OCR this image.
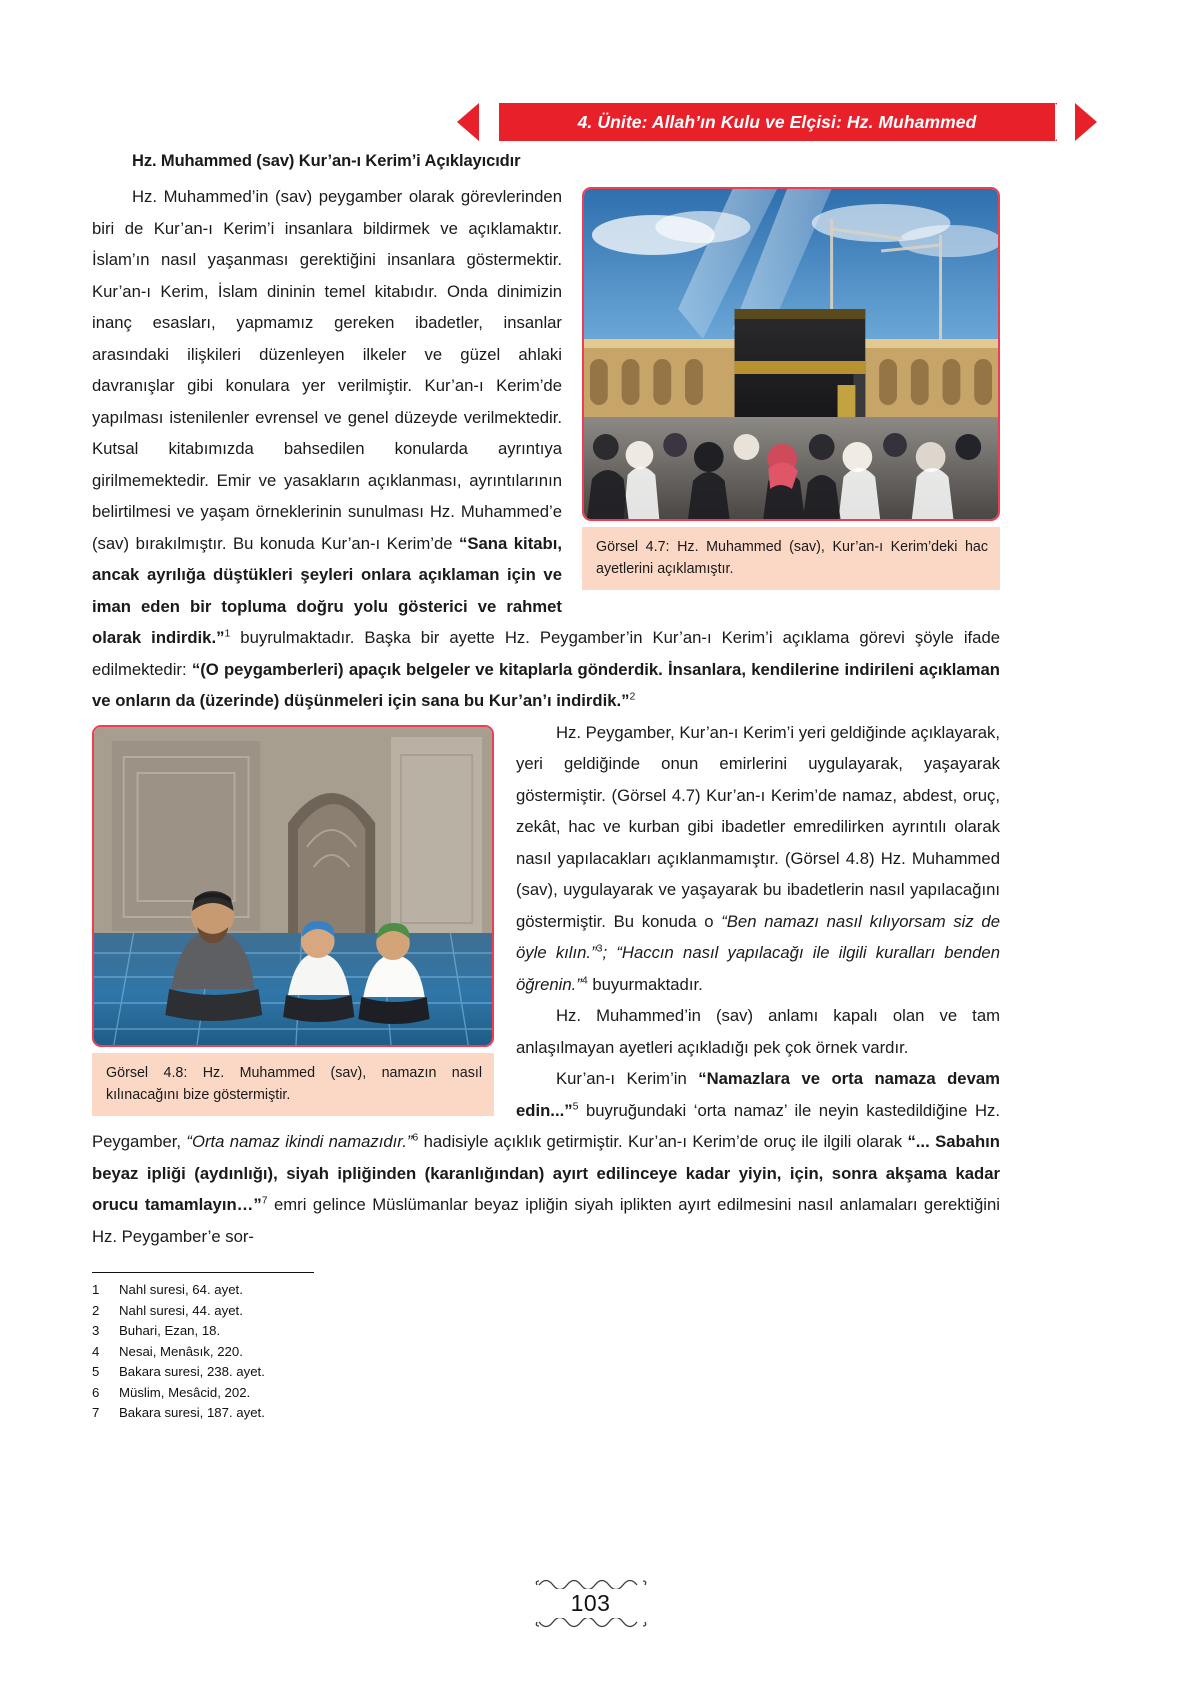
4. Ünite: Allah’ın Kulu ve Elçisi: Hz. Muhammed
Hz. Muhammed (sav) Kur’an-ı Kerim’i Açıklayıcıdır
Görsel 4.7: Hz. Muhammed (sav), Kur’an-ı Kerim’deki hac ayetlerini açıklamıştır.

Hz. Muhammed’in (sav) peygamber olarak görevlerinden biri de Kur’an-ı Kerim’i insanlara bildirmek ve açıklamaktır. İslam’ın nasıl yaşanması gerektiğini insanlara göstermektir. Kur’an-ı Kerim, İslam dininin temel kitabıdır. Onda dinimizin inanç esasları, yapmamız gereken ibadetler, insanlar arasındaki ilişkileri düzenleyen ilkeler ve güzel ahlaki davranışlar gibi konulara yer verilmiştir. Kur’an-ı Kerim’de yapılması istenilenler evrensel ve genel düzeyde verilmektedir. Kutsal kitabımızda bahsedilen konularda ayrıntıya girilmemektedir. Emir ve yasakların açıklanması, ayrıntılarının belirtilmesi ve yaşam örneklerinin sunulması Hz. Muhammed’e (sav) bırakılmıştır. Bu konuda Kur’an-ı Kerim’de “Sana kitabı, ancak ayrılığa düştükleri şeyleri onlara açıklaman için ve iman eden bir topluma doğru yolu gösterici ve rahmet olarak indirdik.”$^1$ buyrulmaktadır. Başka bir ayette Hz. Peygamber’in Kur’an-ı Kerim’i açıklama görevi şöyle ifade edilmektedir: “(O peygamberleri) apaçık belgeler ve kitaplarla gönderdik. İnsanlara, kendilerine indirileni açıklaman ve onların da (üzerinde) düşünmeleri için sana bu Kur’an’ı indirdik.”$^2$

Görsel 4.8: Hz. Muhammed (sav), namazın nasıl kılınacağını bize göstermiştir.

Hz. Peygamber, Kur’an-ı Kerim’i yeri geldiğinde açıklayarak, yeri geldiğinde onun emirlerini uygulayarak, yaşayarak göstermiştir. (Görsel 4.7) Kur’an-ı Kerim’de namaz, abdest, oruç, zekât, hac ve kurban gibi ibadetler emredilirken ayrıntılı olarak nasıl yapılacakları açıklanmamıştır. (Görsel 4.8) Hz. Muhammed (sav), uygulayarak ve yaşayarak bu ibadetlerin nasıl yapılacağını göstermiştir. Bu konuda o “Ben namazı nasıl kılıyorsam siz de öyle kılın.”$^3$; “Haccın nasıl yapılacağı ile ilgili kuralları benden öğrenin.”$^4$ buyurmaktadır.

Hz. Muhammed’in (sav) anlamı kapalı olan ve tam anlaşılmayan ayetleri açıkladığı pek çok örnek vardır.

Kur’an-ı Kerim’in “Namazlara ve orta namaza devam edin...”$^5$ buyruğundaki ‘orta namaz’ ile neyin kastedildiğine Hz. Peygamber, “Orta namaz ikindi namazıdır.”$^6$ hadisiyle açıklık getirmiştir. Kur’an-ı Kerim’de oruç ile ilgili olarak “... Sabahın beyaz ipliği (aydınlığı), siyah ipliğinden (karanlığından) ayırt edilinceye kadar yiyin, için, sonra akşama kadar orucu tamamlayın…”$^7$ emri gelince Müslümanlar beyaz ipliğin siyah iplikten ayırt edilmesini nasıl anlamaları gerektiğini Hz. Peygamber’e sor-

1	Nahl suresi, 64. ayet.
2	Nahl suresi, 44. ayet.
3	Buhari, Ezan, 18.
4	Nesai, Menâsık, 220.
5	Bakara suresi, 238. ayet.
6	Müslim, Mesâcid, 202.
7	Bakara suresi, 187. ayet.
103
